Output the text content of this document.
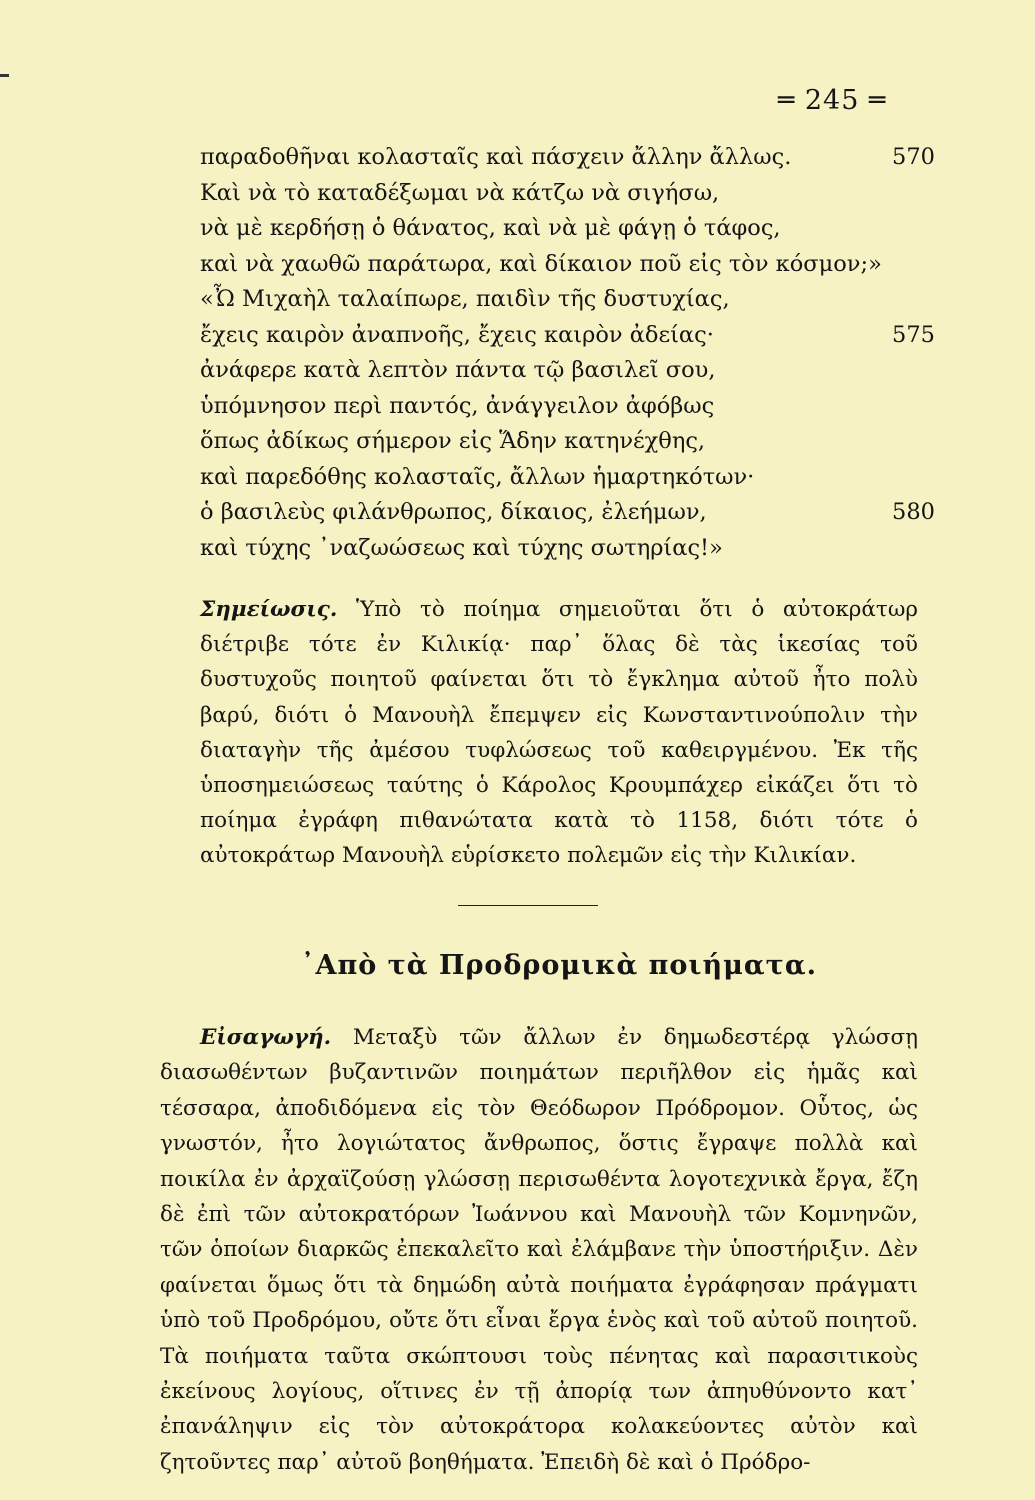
═ 245 ═
παραδοθῆναι κολασταῖς καὶ πάσχειν ἄλλην ἄλλως.	570
Καὶ νὰ τὸ καταδέξωμαι νὰ κάτζω νὰ σιγήσω,
νὰ μὲ κερδήσῃ ὁ θάνατος, καὶ νὰ μὲ φάγῃ ὁ τάφος,
καὶ νὰ χαωθῶ παράτωρα, καὶ δίκαιον ποῦ εἰς τὸν κόσμον;»
«Ὦ Μιχαὴλ ταλαίπωρε, παιδὶν τῆς δυστυχίας,
ἔχεις καιρὸν ἀναπνοῆς, ἔχεις καιρὸν ἀδείας·	575
ἀνάφερε κατὰ λεπτὸν πάντα τῷ βασιλεῖ σου,
ὑπόμνησον περὶ παντός, ἀνάγγειλον ἀφόβως
ὅπως ἀδίκως σήμερον εἰς Ἅδην κατηνέχθης,
καὶ παρεδόθης κολασταῖς, ἄλλων ἡμαρτηκότων·
ὁ βασιλεὺς φιλάνθρωπος, δίκαιος, ἐλεήμων,	580
καὶ τύχης ᾿ναζωώσεως καὶ τύχης σωτηρίας!»
Σημείωσις. Ὑπὸ τὸ ποίημα σημειοῦται ὅτι ὁ αὐτοκράτωρ διέτριβε τότε ἐν Κιλικίᾳ· παρ᾿ ὅλας δὲ τὰς ἱκεσίας τοῦ δυστυχοῦς ποιητοῦ φαίνεται ὅτι τὸ ἔγκλημα αὐτοῦ ἦτο πολὺ βαρύ, διότι ὁ Μανουὴλ ἔπεμψεν εἰς Κωνσταντινούπολιν τὴν διαταγὴν τῆς ἀμέσου τυφλώσεως τοῦ καθειργμένου. Ἐκ τῆς ὑποσημειώσεως ταύτης ὁ Κάρολος Κρουμπάχερ εἰκάζει ὅτι τὸ ποίημα ἐγράφη πιθανώτατα κατὰ τὸ 1158, διότι τότε ὁ αὐτοκράτωρ Μανουὴλ εὑρίσκετο πολεμῶν εἰς τὴν Κιλικίαν.
᾿Απὸ τὰ Προδρομικὰ ποιήματα.
Εἰσαγωγή. Μεταξὺ τῶν ἄλλων ἐν δημωδεστέρᾳ γλώσσῃ διασωθέντων βυζαντινῶν ποιημάτων περιῆλθον εἰς ἡμᾶς καὶ τέσσαρα, ἀποδιδόμενα εἰς τὸν Θεόδωρον Πρόδρομον. Οὗτος, ὡς γνωστόν, ἦτο λογιώτατος ἄνθρωπος, ὅστις ἔγραψε πολλὰ καὶ ποικίλα ἐν ἀρχαϊζούσῃ γλώσσῃ περισωθέντα λογοτεχνικὰ ἔργα, ἔζη δὲ ἐπὶ τῶν αὐτοκρατόρων Ἰωάννου καὶ Μανουὴλ τῶν Κομνηνῶν, τῶν ὁποίων διαρκῶς ἐπεκαλεῖτο καὶ ἐλάμβανε τὴν ὑποστήριξιν. Δὲν φαίνεται ὅμως ὅτι τὰ δημώδη αὐτὰ ποιήματα ἐγράφησαν πράγματι ὑπὸ τοῦ Προδρόμου, οὔτε ὅτι εἶναι ἔργα ἑνὸς καὶ τοῦ αὐτοῦ ποιητοῦ. Τὰ ποιήματα ταῦτα σκώπτουσι τοὺς πένητας καὶ παρασιτικοὺς ἐκείνους λογίους, οἵτινες ἐν τῇ ἀπορίᾳ των ἀπηυθύνοντο κατ᾿ ἐπανάληψιν εἰς τὸν αὐτοκράτορα κολακεύοντες αὐτὸν καὶ ζητοῦντες παρ᾿ αὐτοῦ βοηθήματα. Ἐπειδὴ δὲ καὶ ὁ Πρόδρο-
